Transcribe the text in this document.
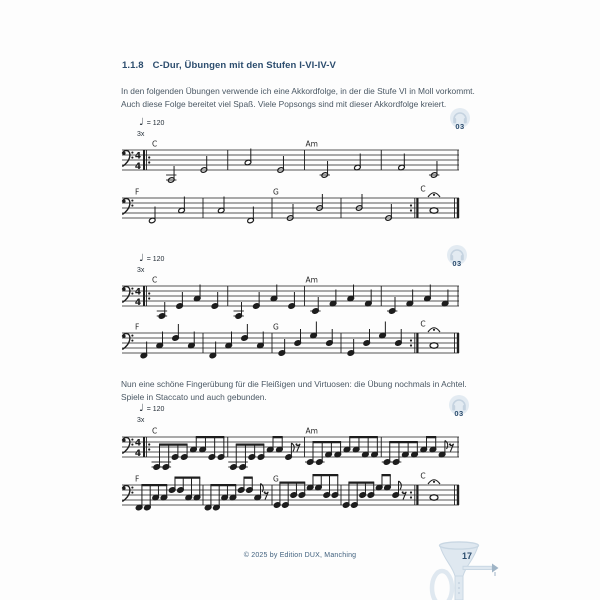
1.1.8 C-Dur, Übungen mit den Stufen I-VI-IV-V
In den folgenden Übungen verwende ich eine Akkordfolge, in der die Stufe VI in Moll vorkommt.
Auch diese Folge bereitet viel Spaß. Viele Popsongs sind mit dieser Akkordfolge kreiert.
♩ = 120
3x
03
4
4
C	Am
F	G	C
♩ = 120
3x
03
4
4
C	Am
F	G	C
Nun eine schöne Fingerübung für die Fleißigen und Virtuosen: die Übung nochmals in Achtel.
Spiele in Staccato und auch gebunden.
♩ = 120
3x
03
4
4
C	Am
F	G	C
© 2025 by Edition DUX, Manching	17
